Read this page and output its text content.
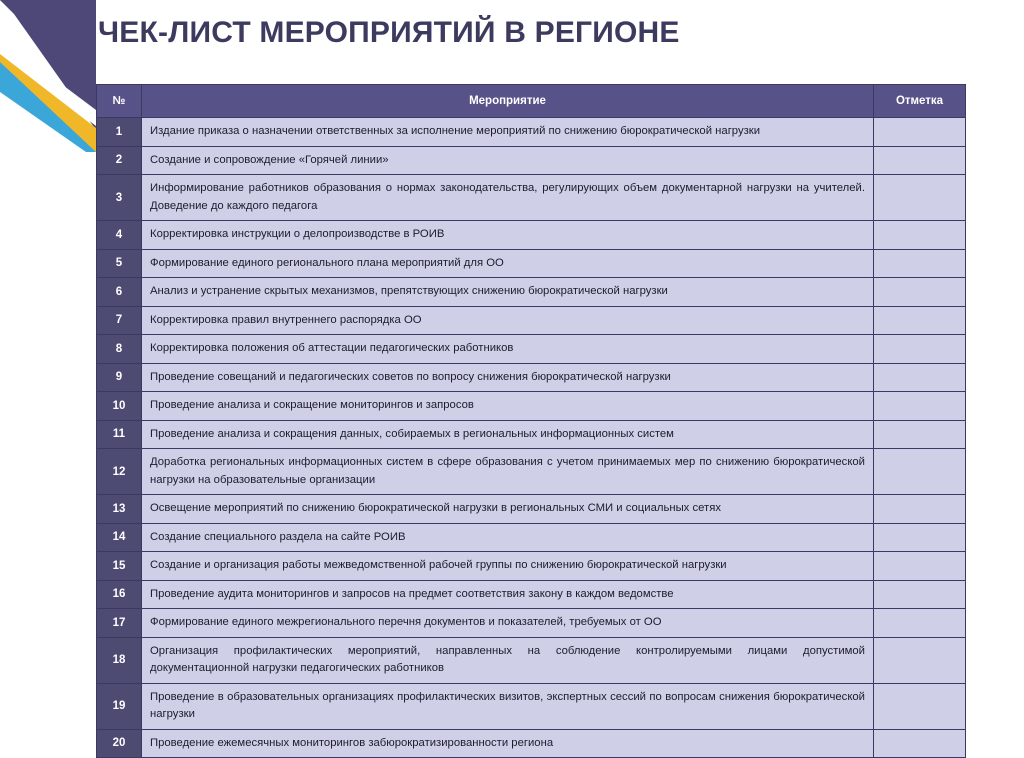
ЧЕК-ЛИСТ МЕРОПРИЯТИЙ В РЕГИОНЕ
№	Мероприятие	Отметка
1	Издание приказа о назначении ответственных за исполнение мероприятий по снижению бюрократической нагрузки	
2	Создание и сопровождение «Горячей линии»	
3	Информирование работников образования о нормах законодательства, регулирующих объем документарной нагрузки на учителей. Доведение до каждого педагога	
4	Корректировка инструкции о делопроизводстве в РОИВ	
5	Формирование единого регионального плана мероприятий для ОО	
6	Анализ и устранение скрытых механизмов, препятствующих снижению бюрократической нагрузки	
7	Корректировка правил внутреннего распорядка ОО	
8	Корректировка положения об аттестации педагогических работников	
9	Проведение совещаний и педагогических советов по вопросу снижения бюрократической нагрузки	
10	Проведение анализа и сокращение мониторингов и запросов	
11	Проведение анализа и сокращения данных, собираемых в региональных информационных систем	
12	Доработка региональных информационных систем в сфере образования с учетом принимаемых мер по снижению бюрократической нагрузки на образовательные организации	
13	Освещение мероприятий по снижению бюрократической нагрузки в региональных СМИ и социальных сетях	
14	Создание специального раздела на сайте РОИВ	
15	Создание и организация работы межведомственной рабочей группы по снижению бюрократической нагрузки	
16	Проведение аудита мониторингов и запросов на предмет соответствия закону в каждом ведомстве	
17	Формирование единого межрегионального перечня документов и показателей, требуемых от ОО	
18	Организация профилактических мероприятий, направленных на соблюдение контролируемыми лицами допустимой документационной нагрузки педагогических работников	
19	Проведение в образовательных организациях профилактических визитов, экспертных сессий по вопросам снижения бюрократической нагрузки	
20	Проведение ежемесячных мониторингов забюрократизированности региона	
